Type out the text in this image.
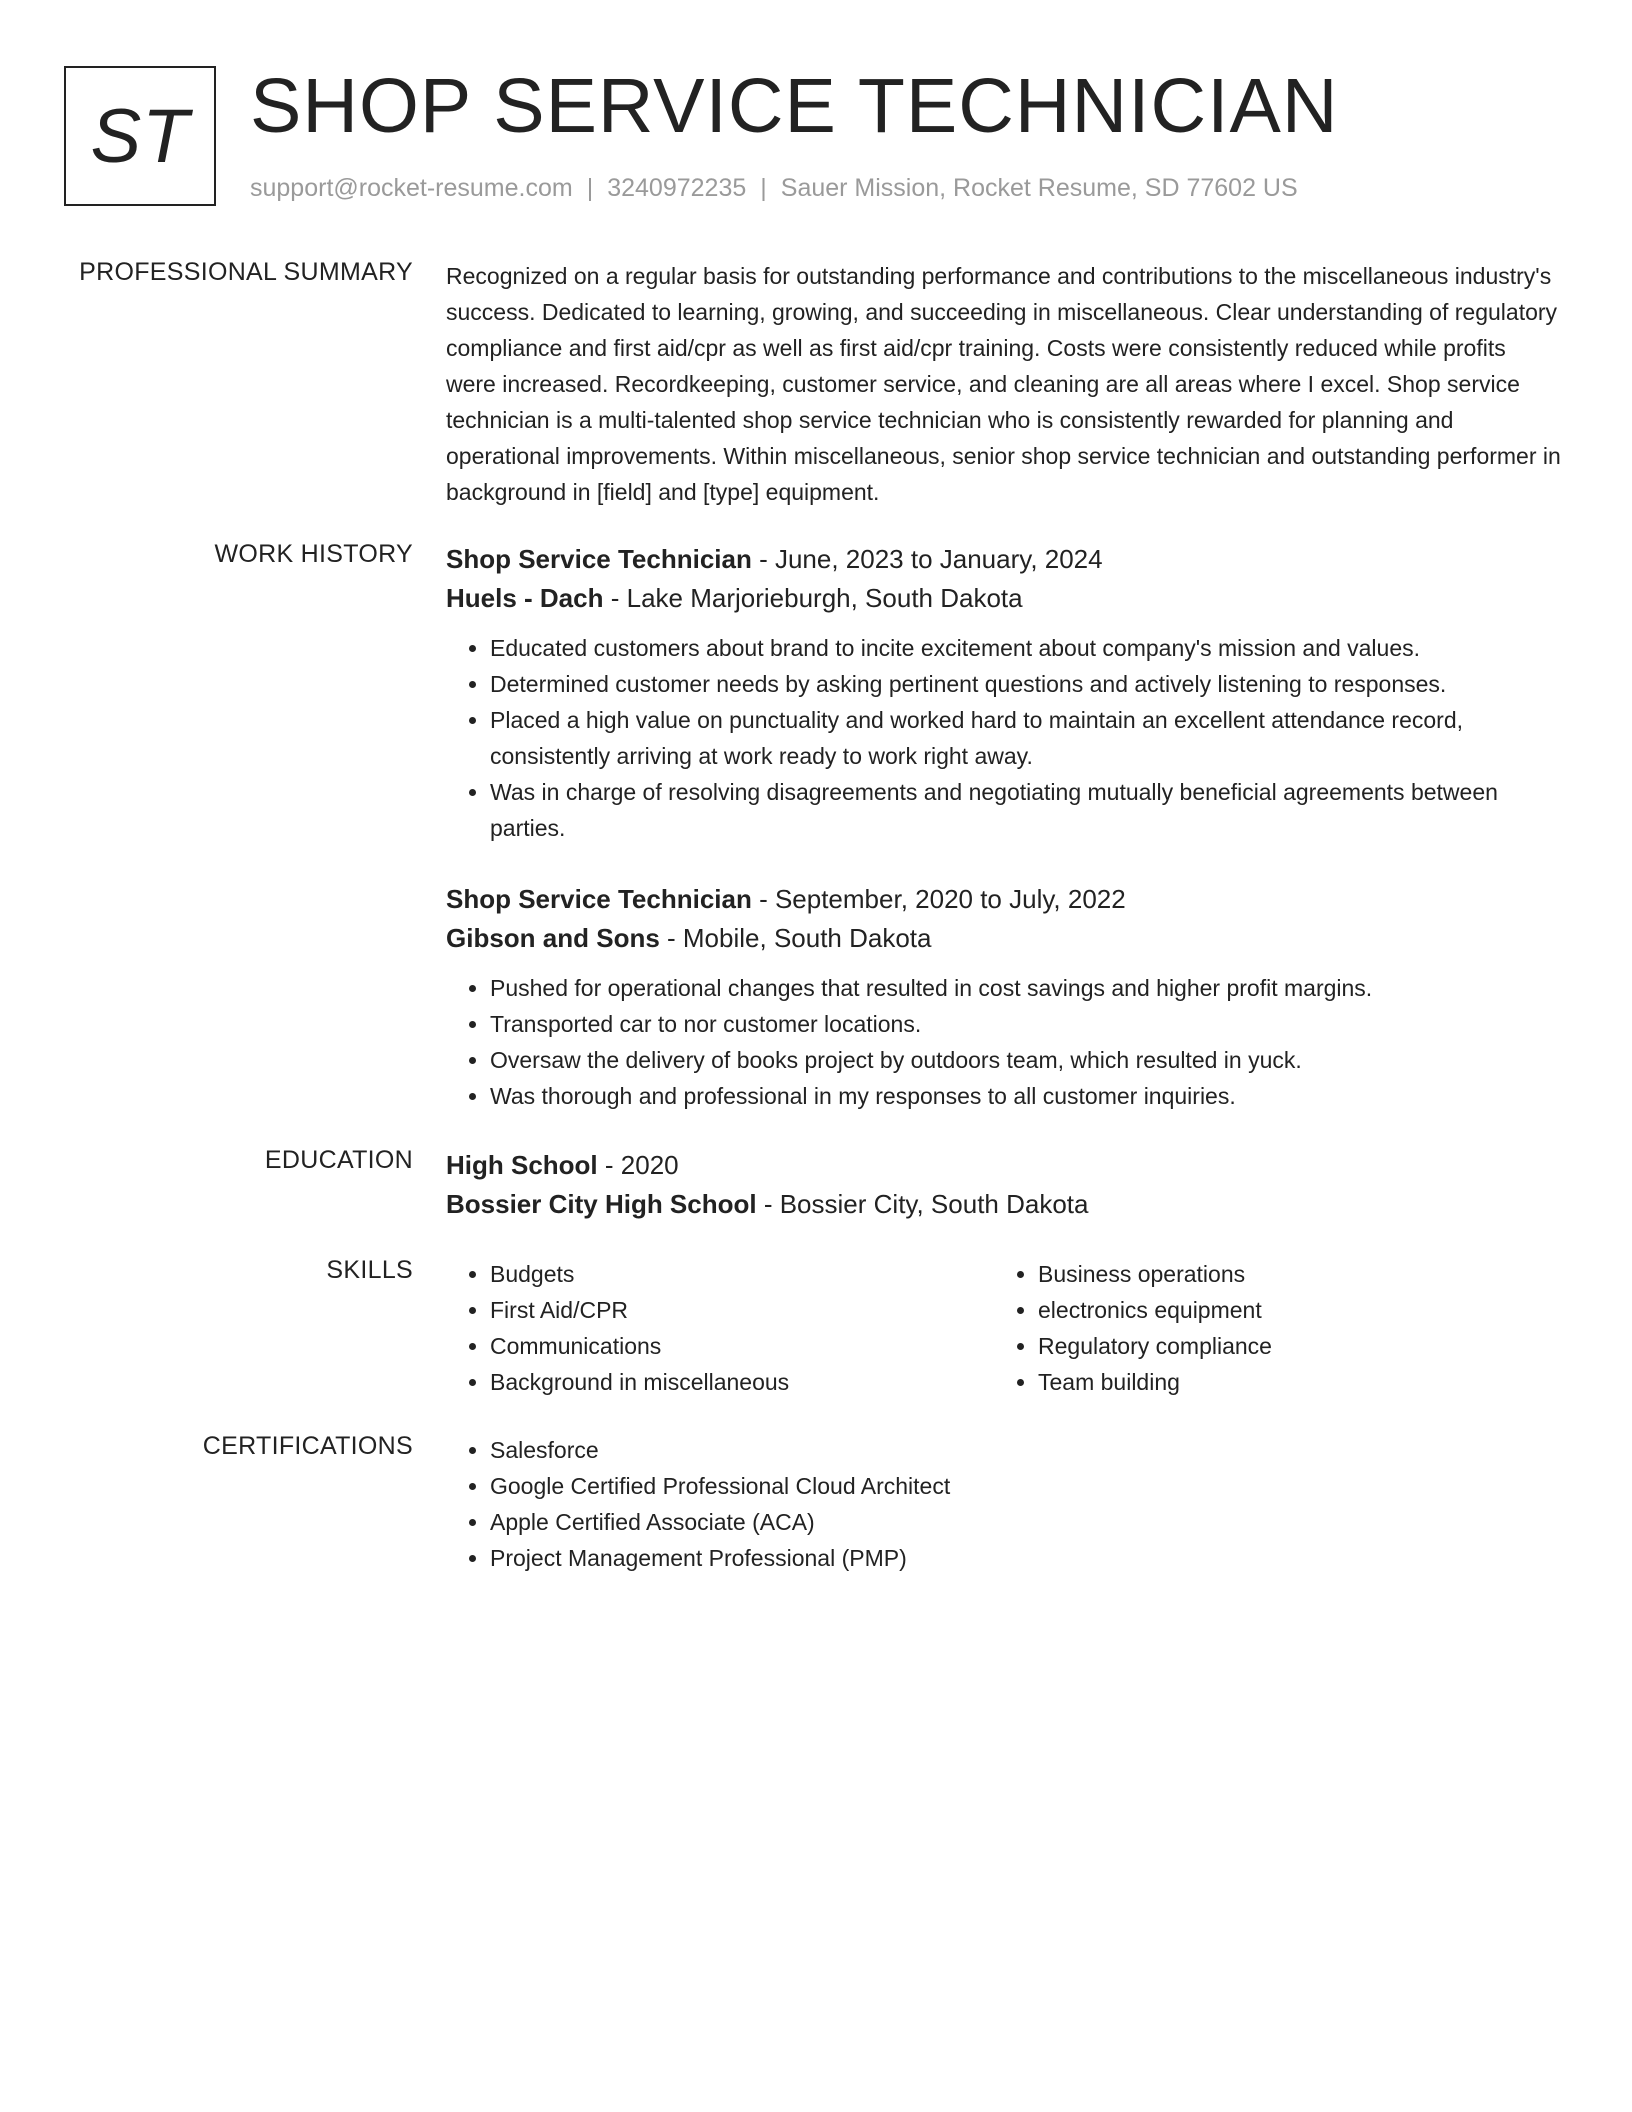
ST SHOP SERVICE TECHNICIAN
support@rocket-resume.com | 3240972235 | Sauer Mission, Rocket Resume, SD 77602 US
PROFESSIONAL SUMMARY Recognized on a regular basis for outstanding performance and contributions to the miscellaneous industry's success. Dedicated to learning, growing, and succeeding in miscellaneous. Clear understanding of regulatory compliance and first aid/cpr as well as first aid/cpr training. Costs were consistently reduced while profits were increased. Recordkeeping, customer service, and cleaning are all areas where I excel. Shop service technician is a multi-talented shop service technician who is consistently rewarded for planning and operational improvements. Within miscellaneous, senior shop service technician and outstanding performer in background in [field] and [type] equipment.

WORK HISTORY Shop Service Technician - June, 2023 to January, 2024

Huels - Dach - Lake Marjorieburgh, South Dakota

• Educated customers about brand to incite excitement about company's mission and values.
• Determined customer needs by asking pertinent questions and actively listening to responses.
• Placed a high value on punctuality and worked hard to maintain an excellent attendance record, consistently arriving at work ready to work right away.
• Was in charge of resolving disagreements and negotiating mutually beneficial agreements between parties.

Shop Service Technician - September, 2020 to July, 2022

Gibson and Sons - Mobile, South Dakota

• Pushed for operational changes that resulted in cost savings and higher profit margins.
• Transported car to nor customer locations.
• Oversaw the delivery of books project by outdoors team, which resulted in yuck.
• Was thorough and professional in my responses to all customer inquiries.
EDUCATION High School - 2020

Bossier City High School - Bossier City, South Dakota

SKILLS	• Budgets
• First Aid/CPR
• Communications
• Background in miscellaneous
• Business operations
• electronics equipment
• Regulatory compliance
• Team building
CERTIFICATIONS	• Salesforce
• Google Certified Professional Cloud Architect
• Apple Certified Associate (ACA)
• Project Management Professional (PMP)
